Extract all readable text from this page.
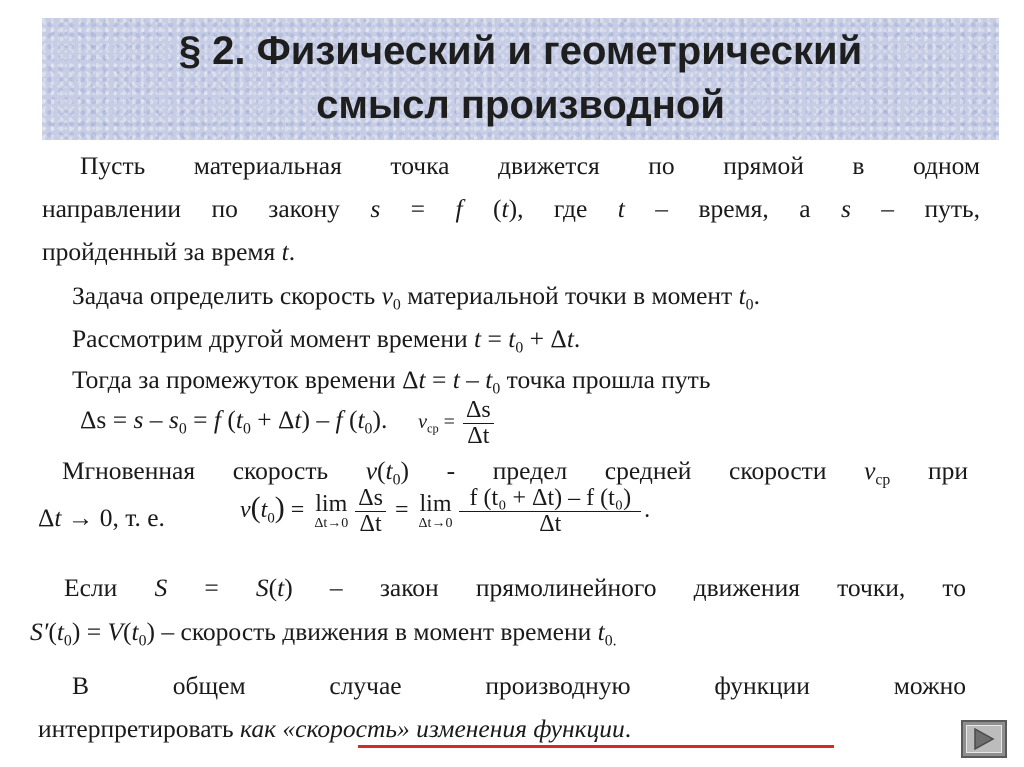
§ 2. Физический и геометрический
смысл производной
Пусть материальная точка движется по прямой в одном
направлении по закону s = f (t), где t – время, а s – путь,
пройденный за время t.
Задача определить скорость $v_0$ материальной точки в момент $t_0$.
Рассмотрим другой момент времени $t = t_0 + \Delta t$.
Тогда за промежуток времени $\Delta t = t - t_0$ точка прошла путь
$\Delta s = s - s_0 = f$ $(t_0 + \Delta t) - f$ $(t_0)$. $v_{ср} = \frac{\Delta s}{\Delta t}$
Мгновенная скорость $v(t_0)$ - предел средней скорости $v_{ср}$ при
Δt → 0, т. е.	$v(t_0) = \lim$
$\Delta t\to 0 \frac{\Delta s}{\Delta t} = \lim$
$\Delta t\to 0 \frac{\text{f (t₀ + Δt) – f (t₀)}}{\Delta t}$ .
Если S = S(t) – закон прямолинейного движения точки, то
$S'(t_0) = V(t_0)$ – скорость движения в момент времени $t_{0.}$
В общем случае производную функции можно
интерпретировать как «скорость» изменения функции.
